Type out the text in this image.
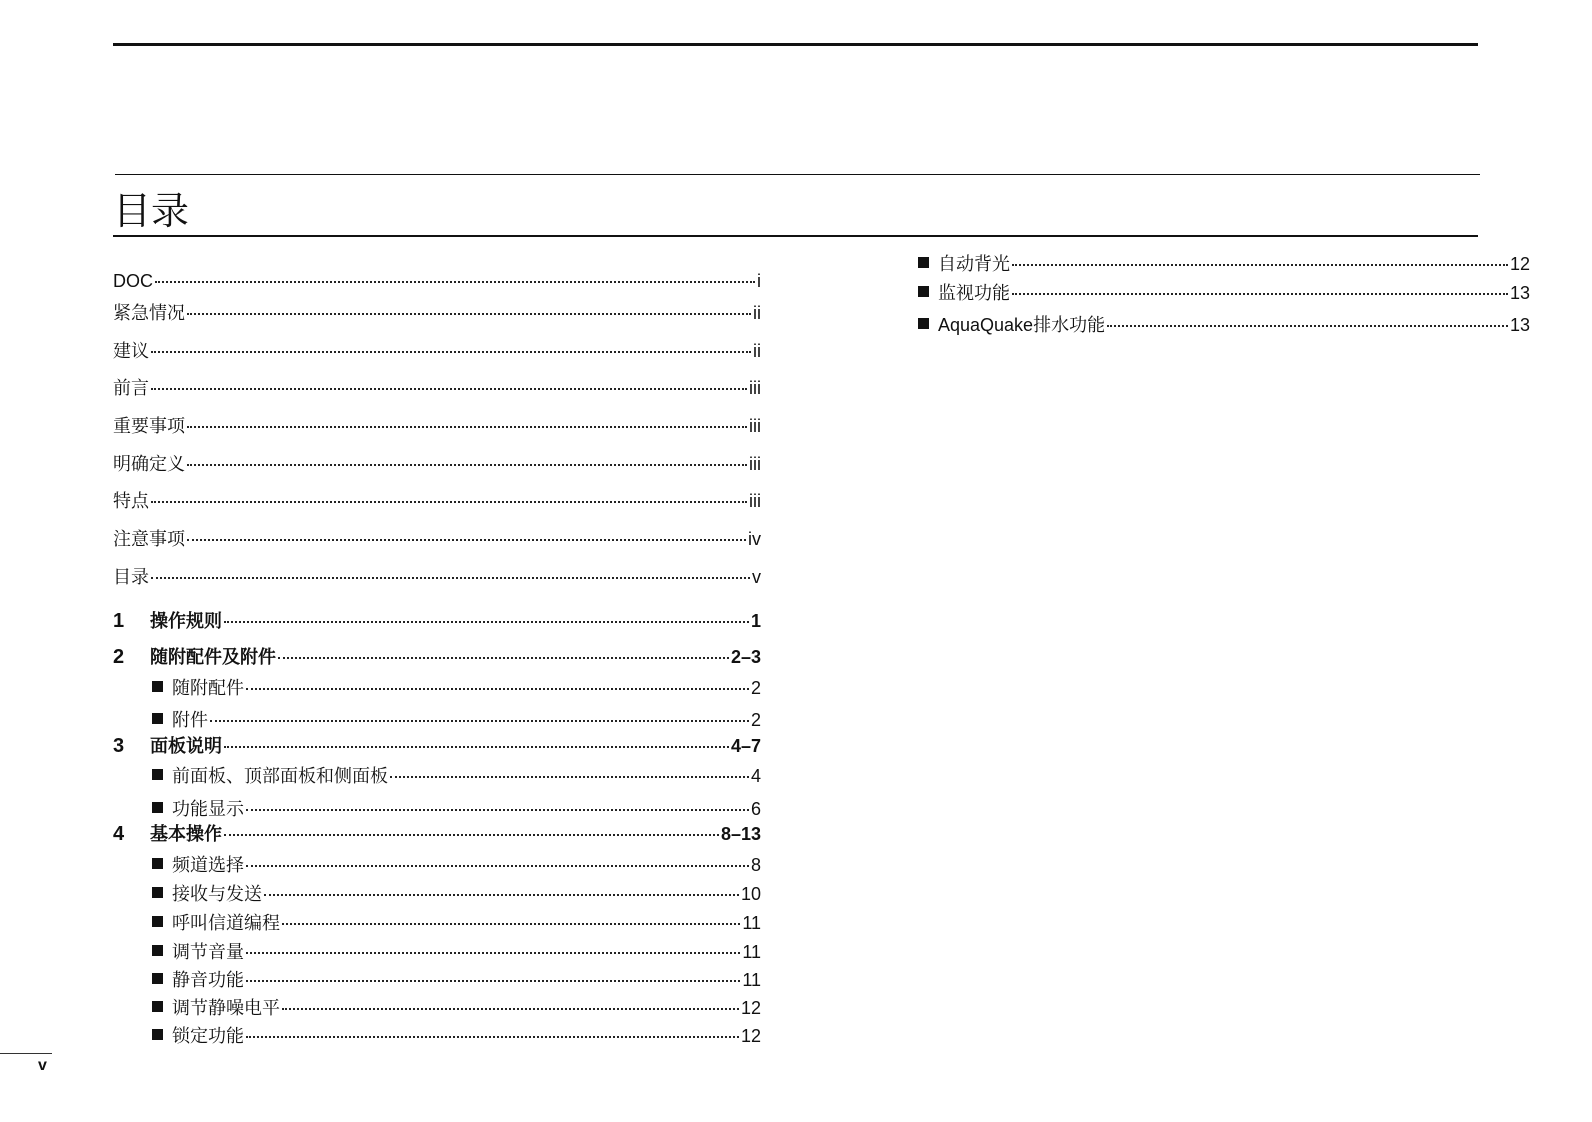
目录
DOC	i
紧急情况	ii
建议	ii
前言	iii
重要事项	iii
明确定义	iii
特点	iii
注意事项	iv
目录	v
1	操作规则	1
2	随附配件及附件	2–3
随附配件	2
附件	2
3	面板说明	4–7
前面板、顶部面板和侧面板	4
功能显示	6
4	基本操作	8–13
频道选择	8
接收与发送	10
呼叫信道编程	11
调节音量	11
静音功能	11
调节静噪电平	12
锁定功能	12
自动背光	12
监视功能	13
AquaQuake排水功能	13
v
